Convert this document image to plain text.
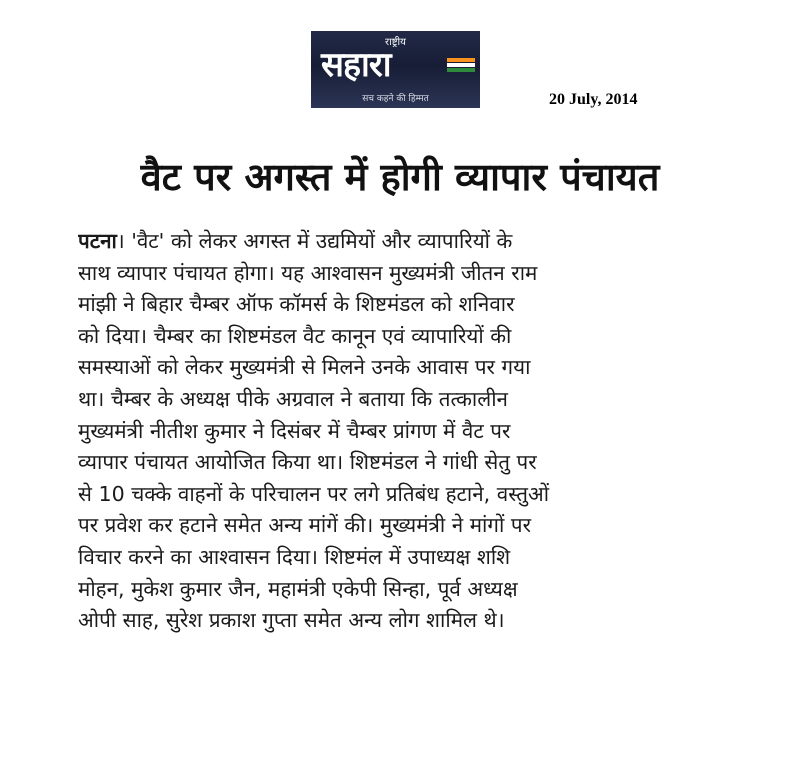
राष्ट्रीय
सहारा
सच कहने की हिम्मत	20 July, 2014
वैट पर अगस्त में होगी व्यापार पंचायत
पटना। 'वैट' को लेकर अगस्त में उद्यमियों और व्यापारियों के
साथ व्यापार पंचायत होगा। यह आश्वासन मुख्यमंत्री जीतन राम
मांझी ने बिहार चैम्बर ऑफ कॉमर्स के शिष्टमंडल को शनिवार
को दिया। चैम्बर का शिष्टमंडल वैट कानून एवं व्यापारियों की
समस्याओं को लेकर मुख्यमंत्री से मिलने उनके आवास पर गया
था। चैम्बर के अध्यक्ष पीके अग्रवाल ने बताया कि तत्कालीन
मुख्यमंत्री नीतीश कुमार ने दिसंबर में चैम्बर प्रांगण में वैट पर
व्यापार पंचायत आयोजित किया था। शिष्टमंडल ने गांधी सेतु पर
से 10 चक्के वाहनों के परिचालन पर लगे प्रतिबंध हटाने, वस्तुओं
पर प्रवेश कर हटाने समेत अन्य मांगें की। मुख्यमंत्री ने मांगों पर
विचार करने का आश्वासन दिया। शिष्टमंल में उपाध्यक्ष शशि
मोहन, मुकेश कुमार जैन, महामंत्री एकेपी सिन्हा, पूर्व अध्यक्ष
ओपी साह, सुरेश प्रकाश गुप्ता समेत अन्य लोग शामिल थे।
